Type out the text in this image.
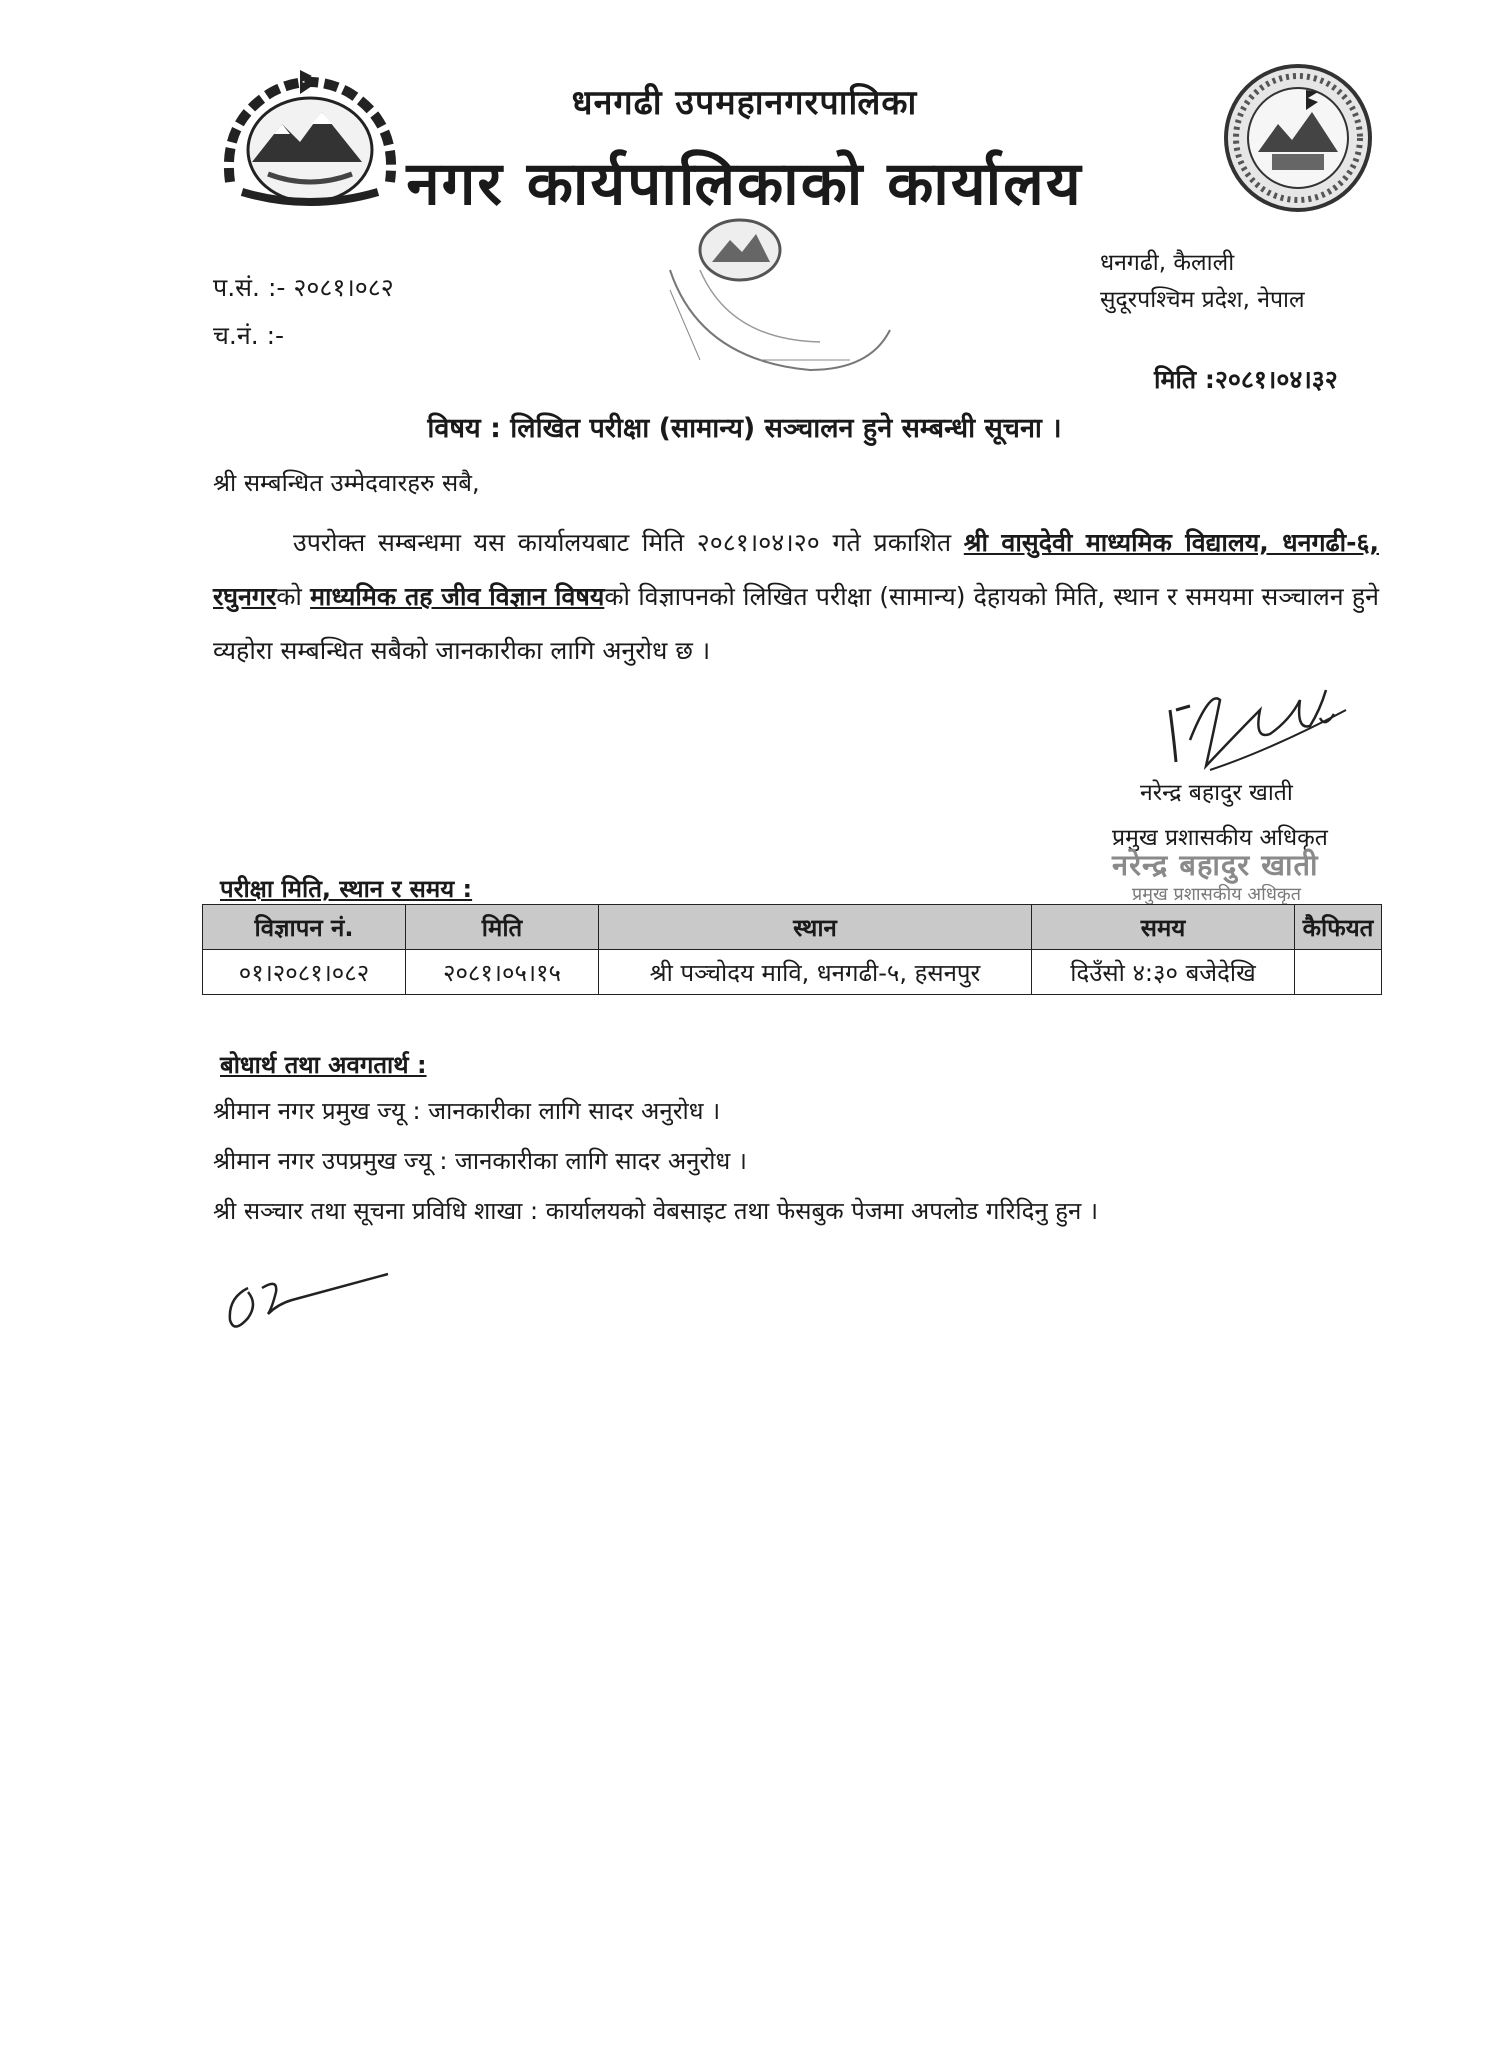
धनगढी उपमहानगरपालिका
नगर कार्यपालिकाको कार्यालय
प.सं. :- २०८१।०८२
च.नं. :-
धनगढी, कैलाली
सुदूरपश्चिम प्रदेश, नेपाल
मिति :२०८१।०४।३२
विषय : लिखित परीक्षा (सामान्य) सञ्चालन हुने सम्बन्धी सूचना ।
श्री सम्बन्धित उम्मेदवारहरु सबै,
उपरोक्त सम्बन्धमा यस कार्यालयबाट मिति २०८१।०४।२० गते प्रकाशित श्री वासुदेवी माध्यमिक विद्यालय, धनगढी-६, रघुनगरको माध्यमिक तह जीव विज्ञान विषयको विज्ञापनको लिखित परीक्षा (सामान्य) देहायको मिति, स्थान र समयमा सञ्चालन हुने व्यहोरा सम्बन्धित सबैको जानकारीका लागि अनुरोध छ ।
नरेन्द्र बहादुर खाती
प्रमुख प्रशासकीय अधिकृत
नरेन्द्र बहादुर खाती
प्रमुख प्रशासकीय अधिकृत
परीक्षा मिति, स्थान र समय :
विज्ञापन नं.	मिति	स्थान	समय	कैफियत
०१।२०८१।०८२	२०८१।०५।१५	श्री पञ्चोदय मावि, धनगढी-५, हसनपुर	दिउँसो ४:३० बजेदेखि	
बोधार्थ तथा अवगतार्थ :
श्रीमान नगर प्रमुख ज्यू : जानकारीका लागि सादर अनुरोध ।
श्रीमान नगर उपप्रमुख ज्यू : जानकारीका लागि सादर अनुरोध ।
श्री सञ्चार तथा सूचना प्रविधि शाखा : कार्यालयको वेबसाइट तथा फेसबुक पेजमा अपलोड गरिदिनु हुन ।
